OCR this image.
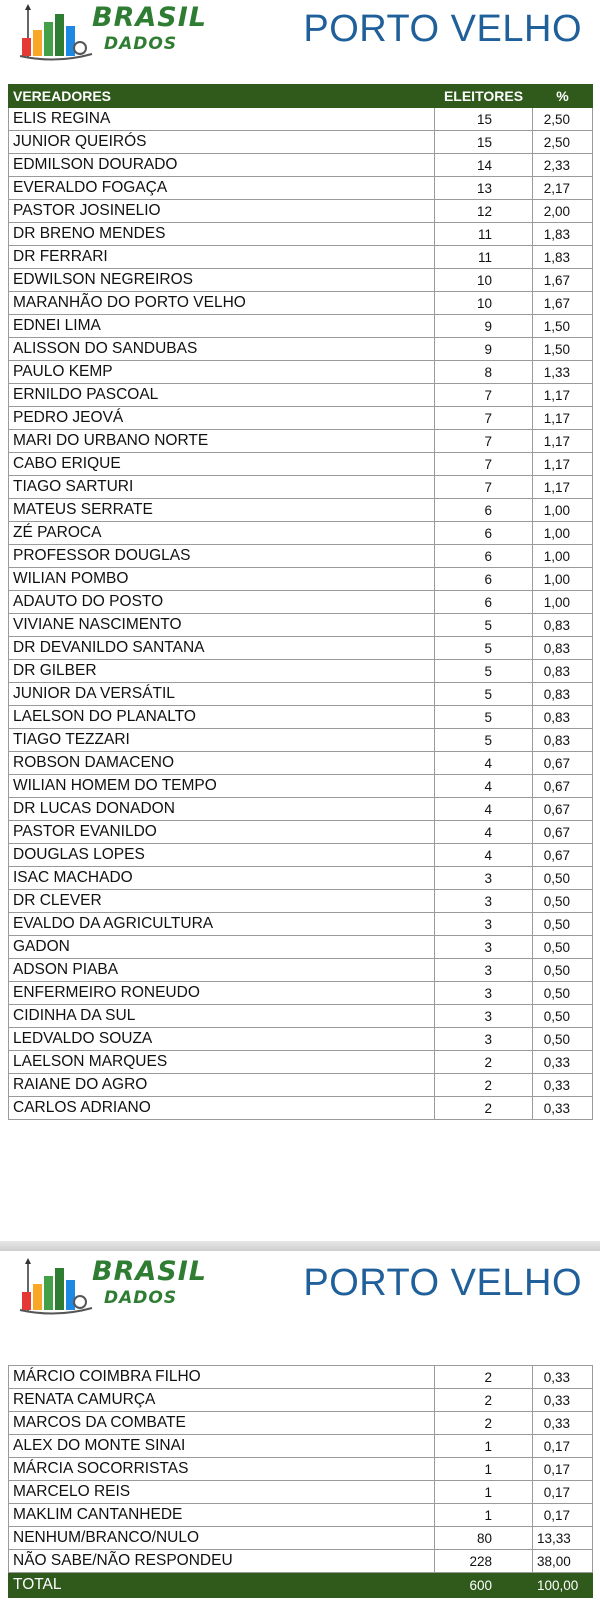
BRASIL
DADOS	PORTO VELHO
VEREADORES	ELEITORES	%
ELIS REGINA	15	2,50
JUNIOR QUEIRÓS	15	2,50
EDMILSON DOURADO	14	2,33
EVERALDO FOGAÇA	13	2,17
PASTOR JOSINELIO	12	2,00
DR BRENO MENDES	11	1,83
DR FERRARI	11	1,83
EDWILSON NEGREIROS	10	1,67
MARANHÃO DO PORTO VELHO	10	1,67
EDNEI LIMA	9	1,50
ALISSON DO SANDUBAS	9	1,50
PAULO KEMP	8	1,33
ERNILDO PASCOAL	7	1,17
PEDRO JEOVÁ	7	1,17
MARI DO URBANO NORTE	7	1,17
CABO ERIQUE	7	1,17
TIAGO SARTURI	7	1,17
MATEUS SERRATE	6	1,00
ZÉ PAROCA	6	1,00
PROFESSOR DOUGLAS	6	1,00
WILIAN POMBO	6	1,00
ADAUTO DO POSTO	6	1,00
VIVIANE NASCIMENTO	5	0,83
DR DEVANILDO SANTANA	5	0,83
DR GILBER	5	0,83
JUNIOR DA VERSÁTIL	5	0,83
LAELSON DO PLANALTO	5	0,83
TIAGO TEZZARI	5	0,83
ROBSON DAMACENO	4	0,67
WILIAN HOMEM DO TEMPO	4	0,67
DR LUCAS DONADON	4	0,67
PASTOR EVANILDO	4	0,67
DOUGLAS LOPES	4	0,67
ISAC MACHADO	3	0,50
DR CLEVER	3	0,50
EVALDO DA AGRICULTURA	3	0,50
GADON	3	0,50
ADSON PIABA	3	0,50
ENFERMEIRO RONEUDO	3	0,50
CIDINHA DA SUL	3	0,50
LEDVALDO SOUZA	3	0,50
LAELSON MARQUES	2	0,33
RAIANE DO AGRO	2	0,33
CARLOS ADRIANO	2	0,33
BRASIL
DADOS	PORTO VELHO
MÁRCIO COIMBRA FILHO	2	0,33
RENATA CAMURÇA	2	0,33
MARCOS DA COMBATE	2	0,33
ALEX DO MONTE SINAI	1	0,17
MÁRCIA SOCORRISTAS	1	0,17
MARCELO REIS	1	0,17
MAKLIM CANTANHEDE	1	0,17
NENHUM/BRANCO/NULO	80	13,33
NÃO SABE/NÃO RESPONDEU	228	38,00
TOTAL	600	100,00
